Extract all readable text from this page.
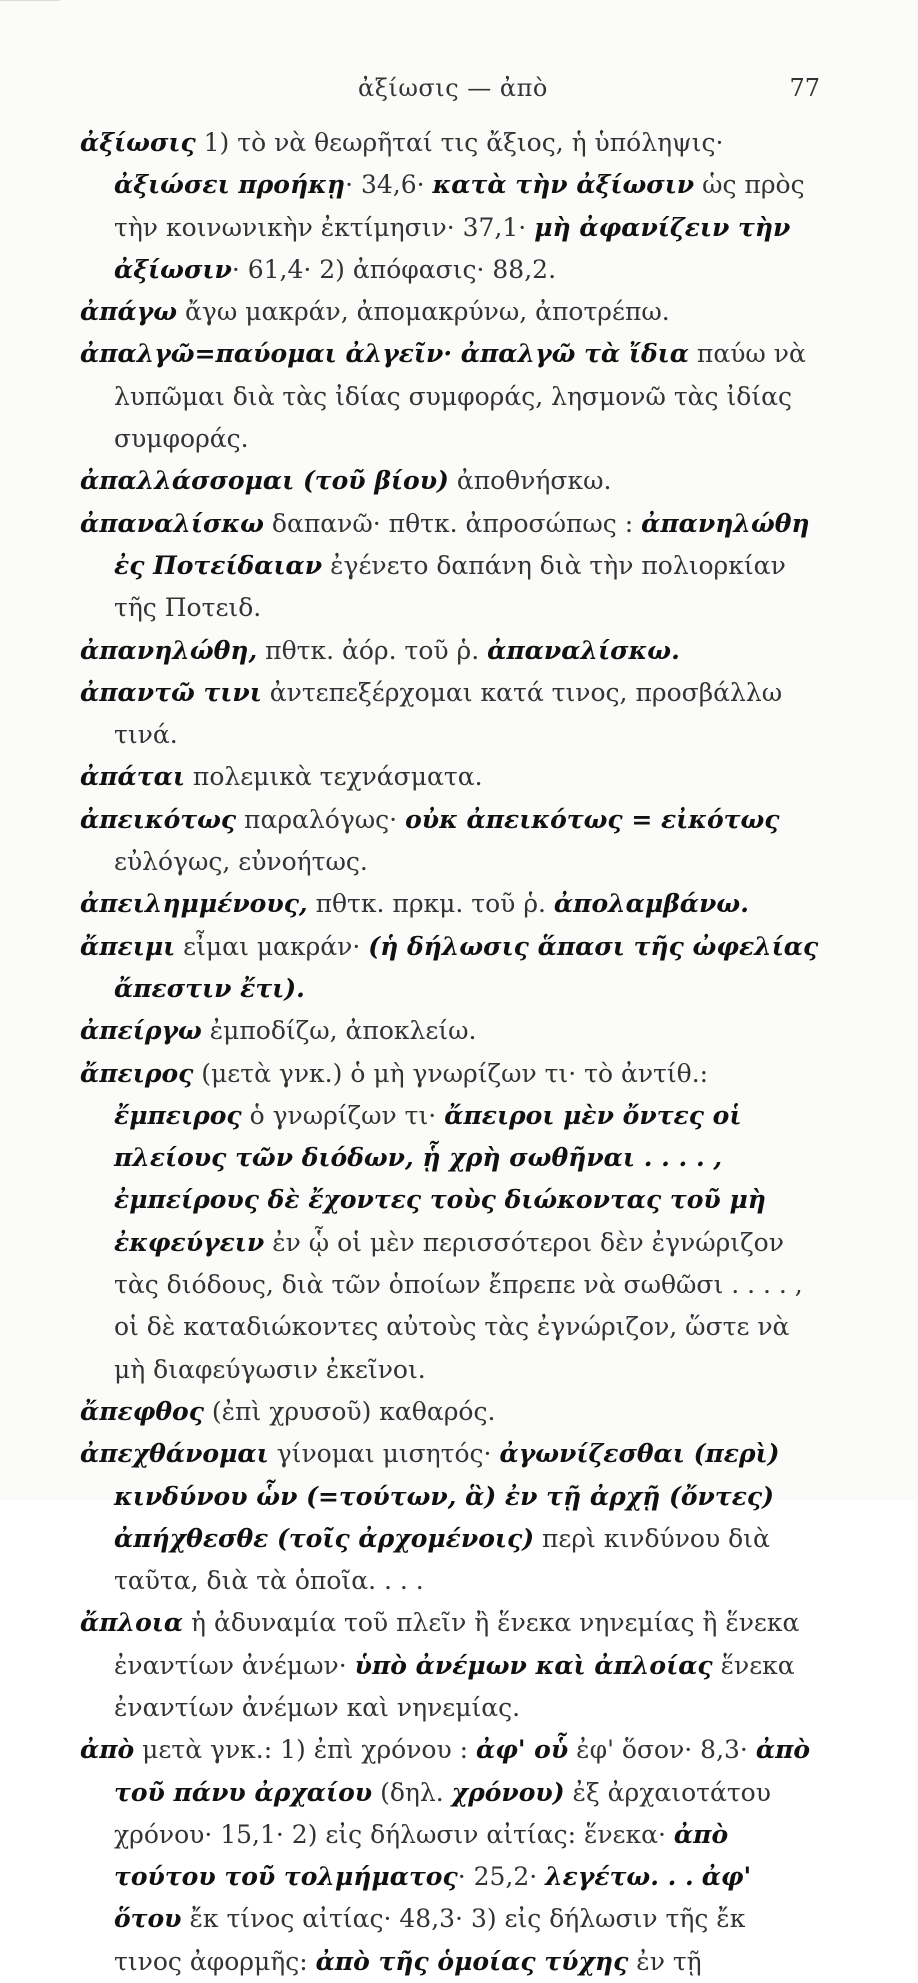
ἀξίωσις — ἀπὸ	77
ἀξίωσις 1) τὸ νὰ θεωρῆταί τις ἄξιος, ἡ ὑπόληψις· ἀξιώσει προήκῃ· 34,6· κατὰ τὴν ἀξίωσιν ὡς πρὸς τὴν κοινωνικὴν ἐκτίμησιν· 37,1· μὴ ἀφανίζειν τὴν ἀξίωσιν· 61,4· 2) ἀπόφασις· 88,2.
ἀπάγω ἄγω μακράν, ἀπομακρύνω, ἀποτρέπω.
ἀπαλγῶ=παύομαι ἀλγεῖν· ἀπαλγῶ τὰ ἴδια παύω νὰ λυπῶμαι διὰ τὰς ἰδίας συμφοράς, λησμονῶ τὰς ἰδίας συμφοράς.
ἀπαλλάσσομαι (τοῦ βίου) ἀποθνήσκω.
ἀπαναλίσκω δαπανῶ· πθτκ. ἀπροσώπως : ἀπανηλώθη ἐς Ποτείδαιαν ἐγένετο δαπάνη διὰ τὴν πολιορκίαν τῆς Ποτειδ.
ἀπανηλώθη, πθτκ. ἀόρ. τοῦ ῥ. ἀπαναλίσκω.
ἀπαντῶ τινι ἀντεπεξέρχομαι κατά τινος, προσβάλλω τινά.
ἀπάται πολεμικὰ τεχνάσματα.
ἀπεικότως παραλόγως· οὐκ ἀπεικότως = εἰκότως εὐλόγως, εὐνοήτως.
ἀπειλημμένους, πθτκ. πρκμ. τοῦ ῥ. ἀπολαμβάνω.
ἄπειμι εἶμαι μακράν· (ἡ δήλωσις ἅπασι τῆς ὠφελίας ἄπεστιν ἔτι).
ἀπείργω ἐμποδίζω, ἀποκλείω.
ἄπειρος (μετὰ γνκ.) ὁ μὴ γνωρίζων τι· τὸ ἀντίθ.: ἔμπειρος ὁ γνωρίζων τι· ἄπειροι μὲν ὄντες οἱ πλείους τῶν διόδων, ᾗ χρὴ σωθῆναι . . . . , ἐμπείρους δὲ ἔχοντες τοὺς διώκοντας τοῦ μὴ ἐκφεύγειν ἐν ᾧ οἱ μὲν περισσότεροι δὲν ἐγνώριζον τὰς διόδους, διὰ τῶν ὁποίων ἔπρεπε νὰ σωθῶσι . . . . , οἱ δὲ καταδιώκοντες αὐτοὺς τὰς ἐγνώριζον, ὥστε νὰ μὴ διαφεύγωσιν ἐκεῖνοι.
ἄπεφθος (ἐπὶ χρυσοῦ) καθαρός.
ἀπεχθάνομαι γίνομαι μισητός· ἀγωνίζεσθαι (περὶ) κινδύνου ὧν (=τούτων, ἃ) ἐν τῇ ἀρχῇ (ὄντες) ἀπήχθεσθε (τοῖς ἀρχομένοις) περὶ κινδύνου διὰ ταῦτα, διὰ τὰ ὁποῖα. . . .
ἄπλοια ἡ ἀδυναμία τοῦ πλεῖν ἢ ἕνεκα νηνεμίας ἢ ἕνεκα ἐναντίων ἀνέμων· ὑπὸ ἀνέμων καὶ ἀπλοίας ἕνεκα ἐναντίων ἀνέμων καὶ νηνεμίας.
ἀπὸ μετὰ γνκ.: 1) ἐπὶ χρόνου : ἀφ' οὗ ἐφ' ὅσον· 8,3· ἀπὸ τοῦ πάνυ ἀρχαίου (δηλ. χρόνου) ἐξ ἀρχαιοτάτου χρόνου· 15,1· 2) εἰς δήλωσιν αἰτίας: ἕνεκα· ἀπὸ τούτου τοῦ τολμήματος· 25,2· λεγέτω. . . ἀφ' ὅτου ἔκ τίνος αἰτίας· 48,3· 3) εἰς δήλωσιν τῆς ἔκ τινος ἀφορμῆς: ἀπὸ τῆς ὁμοίας τύχης ἐν τῇ
